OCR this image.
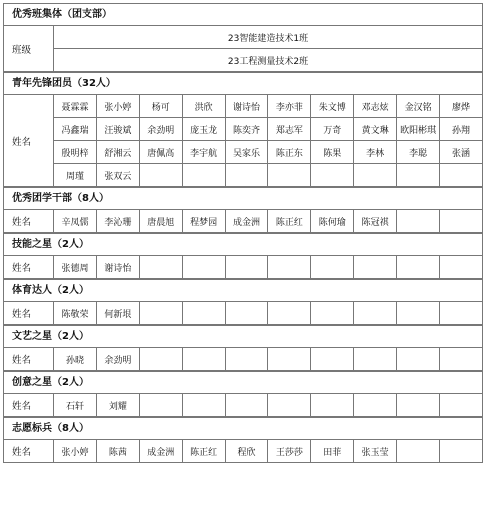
优秀班集体（团支部）
班级	23智能建造技术1班
23工程测量技术2班
青年先锋团员（32人）
姓名	聂霖霖	张小婷	杨可	洪欣	谢诗怡	李亦菲	朱文博	邓志炫	金汉铭	廖烨
	冯鑫瑞	汪骏斌	余劲明	庞玉龙	陈奕齐	郑志军	万奇	黄文琳	欧阳彬琪	孙翔
	殷明梓	舒湘云	唐佩高	李宇航	吴家乐	陈正东	陈果	李林	李聪	张涵
	周瑾	张双云								
优秀团学干部（8人）
姓名	辛凤儒	李沁珊	唐晨旭	程梦园	成金洲	陈正红	陈何瑜	陈冠祺		
技能之星（2人）
姓名	张德周	谢诗怡								
体育达人（2人）
姓名	陈敬荣	何新垠								
文艺之星（2人）
姓名	孙晓	余劲明								
创意之星（2人）
姓名	石轩	刘耀								
志愿标兵（8人）
姓名	张小婷	陈茜	成金洲	陈正红	程欣	王莎莎	田菲	张玉莹		
